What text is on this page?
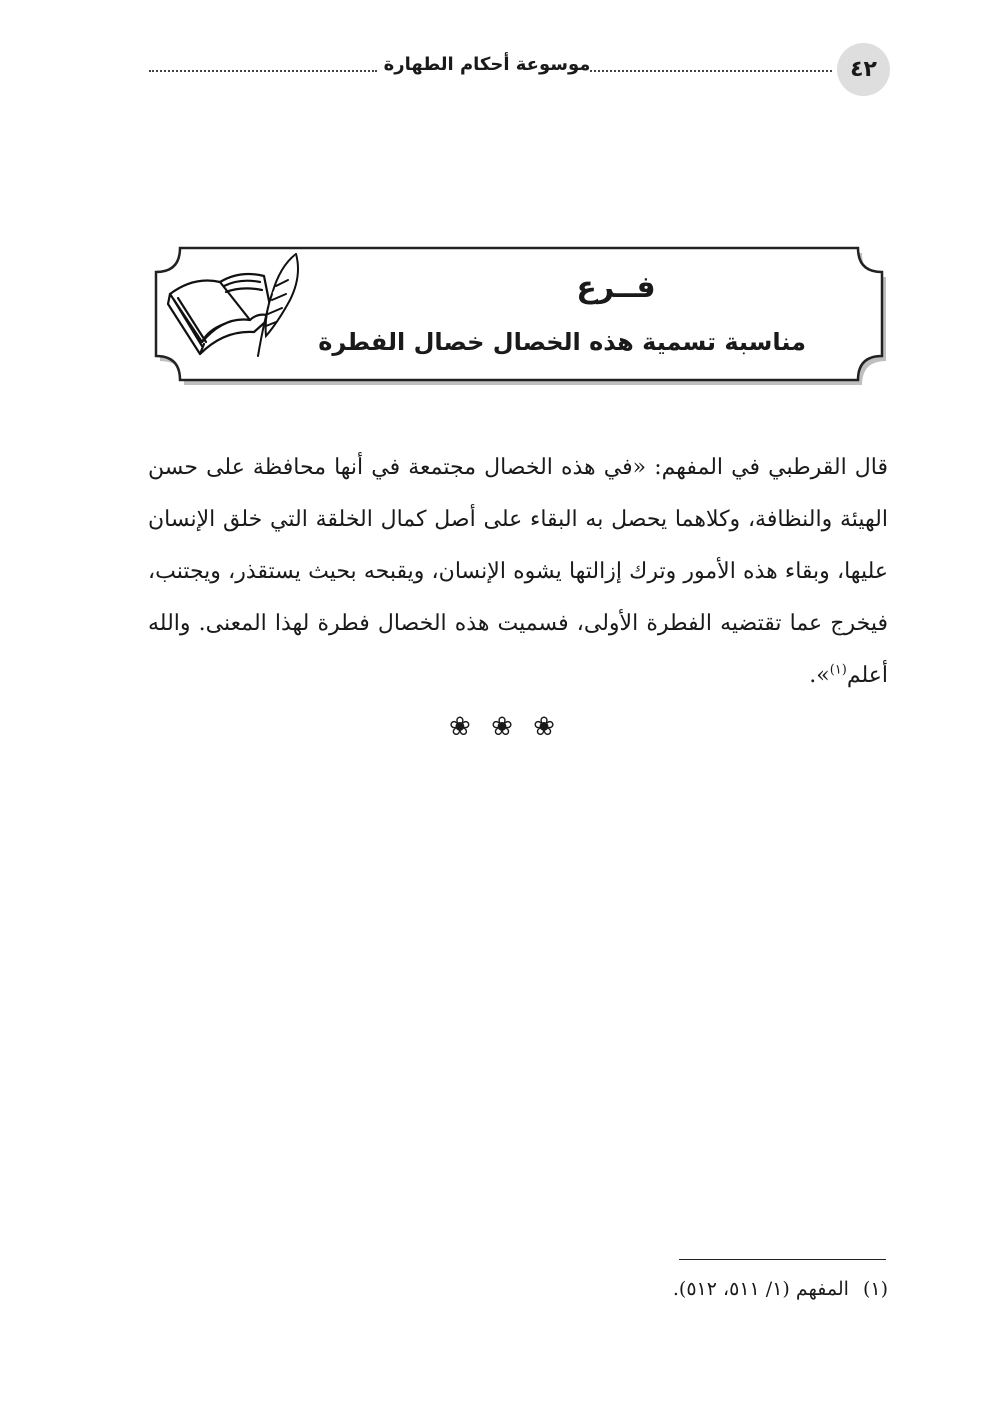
٤٢
موسوعة أحكام الطهارة
فــرع
مناسبة تسمية هذه الخصال خصال الفطرة

قال القرطبي في المفهم: «في هذه الخصال مجتمعة في أنها محافظة على حسن الهيئة والنظافة، وكلاهما يحصل به البقاء على أصل كمال الخلقة التي خلق الإنسان عليها، وبقاء هذه الأمور وترك إزالتها يشوه الإنسان، ويقبحه بحيث يستقذر، ويجتنب، فيخرج عما تقتضيه الفطرة الأولى، فسميت هذه الخصال فطرة لهذا المعنى. والله أعلم$^{(١)}$».

❀ ❀ ❀
(١)المفهم (١/ ٥١١، ٥١٢).
